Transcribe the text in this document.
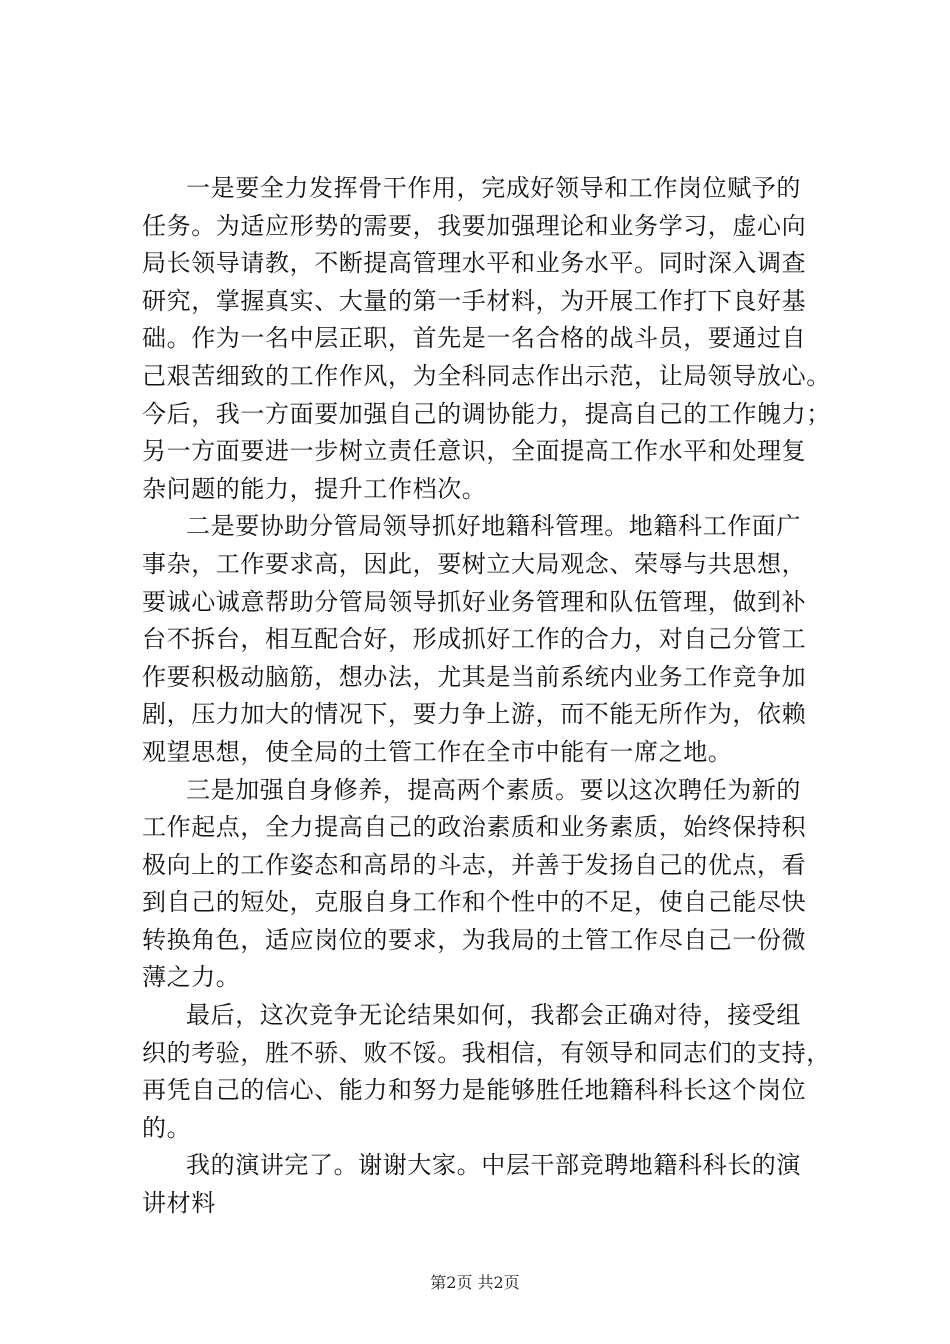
一是要全力发挥骨干作用，完成好领导和工作岗位赋予的
任务。为适应形势的需要，我要加强理论和业务学习，虚心向
局长领导请教，不断提高管理水平和业务水平。同时深入调查
研究，掌握真实、大量的第一手材料，为开展工作打下良好基
础。作为一名中层正职，首先是一名合格的战斗员，要通过自
己艰苦细致的工作作风，为全科同志作出示范，让局领导放心。
今后，我一方面要加强自己的调协能力，提高自己的工作魄力；
另一方面要进一步树立责任意识，全面提高工作水平和处理复
杂问题的能力，提升工作档次。
二是要协助分管局领导抓好地籍科管理。地籍科工作面广
事杂，工作要求高，因此，要树立大局观念、荣辱与共思想，
要诚心诚意帮助分管局领导抓好业务管理和队伍管理，做到补
台不拆台，相互配合好，形成抓好工作的合力，对自己分管工
作要积极动脑筋，想办法，尤其是当前系统内业务工作竞争加
剧，压力加大的情况下，要力争上游，而不能无所作为，依赖
观望思想，使全局的土管工作在全市中能有一席之地。
三是加强自身修养，提高两个素质。要以这次聘任为新的
工作起点，全力提高自己的政治素质和业务素质，始终保持积
极向上的工作姿态和高昂的斗志，并善于发扬自己的优点，看
到自己的短处，克服自身工作和个性中的不足，使自己能尽快
转换角色，适应岗位的要求，为我局的土管工作尽自己一份微
薄之力。
最后，这次竞争无论结果如何，我都会正确对待，接受组
织的考验，胜不骄、败不馁。我相信，有领导和同志们的支持，
再凭自己的信心、能力和努力是能够胜任地籍科科长这个岗位
的。
我的演讲完了。谢谢大家。中层干部竞聘地籍科科长的演
讲材料
第2页 共2页
